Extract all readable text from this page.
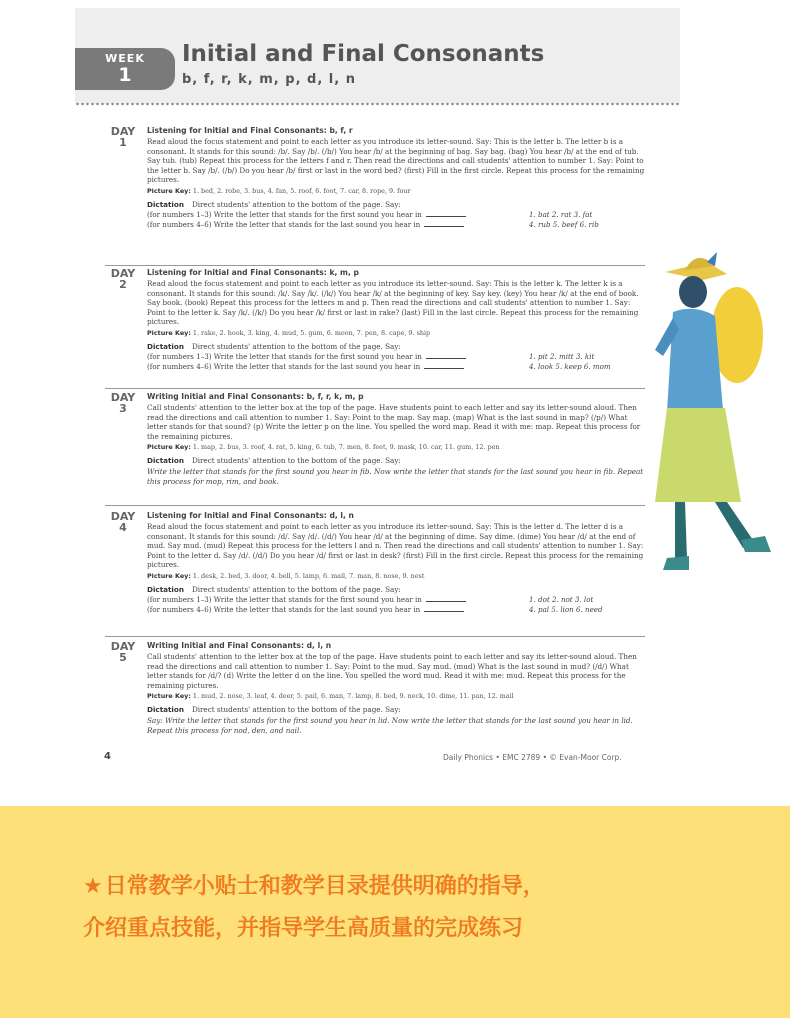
WEEK
1
Initial and Final Consonants
b, f, r, k, m, p, d, l, n
DAY
1
Listening for Initial and Final Consonants: b, f, r
Read aloud the focus statement and point to each letter as you introduce its letter-sound. Say: This is the letter b. The letter b is a consonant. It stands for this sound: /b/. Say /b/. (/b/) You hear /b/ at the beginning of bag. Say bag. (bag) You hear /b/ at the end of tub. Say tub. (tub) Repeat this process for the letters f and r. Then read the directions and call students' attention to number 1. Say: Point to the letter b. Say /b/. (/b/) Do you hear /b/ first or last in the word bed? (first) Fill in the first circle. Repeat this process for the remaining pictures.
Picture Key: 1. bed, 2. robe, 3. bus, 4. fan, 5. roof, 6. foot, 7. car, 8. rope, 9. four
Dictation Direct students' attention to the bottom of the page. Say:
(for numbers 1–3) Write the letter that stands for the first sound you hear in	1. bat 2. rat 3. fat
(for numbers 4–6) Write the letter that stands for the last sound you hear in	4. rub 5. beef 6. rib
DAY
2
Listening for Initial and Final Consonants: k, m, p
Read aloud the focus statement and point to each letter as you introduce its letter-sound. Say: This is the letter k. The letter k is a consonant. It stands for this sound: /k/. Say /k/. (/k/) You hear /k/ at the beginning of key. Say key. (key) You hear /k/ at the end of book. Say book. (book) Repeat this process for the letters m and p. Then read the directions and call students' attention to number 1. Say: Point to the letter k. Say /k/. (/k/) Do you hear /k/ first or last in rake? (last) Fill in the last circle. Repeat this process for the remaining pictures.
Picture Key: 1. rake, 2. hook, 3. king, 4. mud, 5. gum, 6. moon, 7. pen, 8. cape, 9. ship
Dictation Direct students' attention to the bottom of the page. Say:
(for numbers 1–3) Write the letter that stands for the first sound you hear in	1. pit 2. mitt 3. kit
(for numbers 4–6) Write the letter that stands for the last sound you hear in	4. look 5. keep 6. mom
DAY
3
Writing Initial and Final Consonants: b, f, r, k, m, p
Call students' attention to the letter box at the top of the page. Have students point to each letter and say its letter-sound aloud. Then read the directions and call attention to number 1. Say: Point to the map. Say map. (map) What is the last sound in map? (/p/) What letter stands for that sound? (p) Write the letter p on the line. You spelled the word map. Read it with me: map. Repeat this process for the remaining pictures.
Picture Key: 1. map, 2. bus, 3. roof, 4. rat, 5. king, 6. tub, 7. men, 8. feet, 9. mask, 10. car, 11. gum, 12. pen
Dictation Direct students' attention to the bottom of the page. Say:
Write the letter that stands for the first sound you hear in fib. Now write the letter that stands for the last sound you hear in fib. Repeat this process for mop, rim, and book.
DAY
4
Listening for Initial and Final Consonants: d, l, n
Read aloud the focus statement and point to each letter as you introduce its letter-sound. Say: This is the letter d. The letter d is a consonant. It stands for this sound: /d/. Say /d/. (/d/) You hear /d/ at the beginning of dime. Say dime. (dime) You hear /d/ at the end of mud. Say mud. (mud) Repeat this process for the letters l and n. Then read the directions and call students' attention to number 1. Say: Point to the letter d. Say /d/. (/d/) Do you hear /d/ first or last in desk? (first) Fill in the first circle. Repeat this process for the remaining pictures.
Picture Key: 1. desk, 2. bed, 3. door, 4. bell, 5. lamp, 6. mail, 7. man, 8. nose, 9. nest
Dictation Direct students' attention to the bottom of the page. Say:
(for numbers 1–3) Write the letter that stands for the first sound you hear in	1. dot 2. not 3. lot
(for numbers 4–6) Write the letter that stands for the last sound you hear in	4. pal 5. lion 6. need
DAY
5
Writing Initial and Final Consonants: d, l, n
Call students' attention to the letter box at the top of the page. Have students point to each letter and say its letter-sound aloud. Then read the directions and call attention to number 1. Say: Point to the mud. Say mud. (mud) What is the last sound in mud? (/d/) What letter stands for /d/? (d) Write the letter d on the line. You spelled the word mud. Read it with me: mud. Repeat this process for the remaining pictures.
Picture Key: 1. mud, 2. nose, 3. leaf, 4. deer, 5. pail, 6. man, 7. lamp, 8. bed, 9. neck, 10. dime, 11. pan, 12. mail
Dictation Direct students' attention to the bottom of the page. Say:
Say: Write the letter that stands for the first sound you hear in lid. Now write the letter that stands for the last sound you hear in lid. Repeat this process for nod, den, and nail.
4	Daily Phonics • EMC 2789 • © Evan-Moor Corp.
★日常教学小贴士和教学目录提供明确的指导，
介绍重点技能，并指导学生高质量的完成练习
